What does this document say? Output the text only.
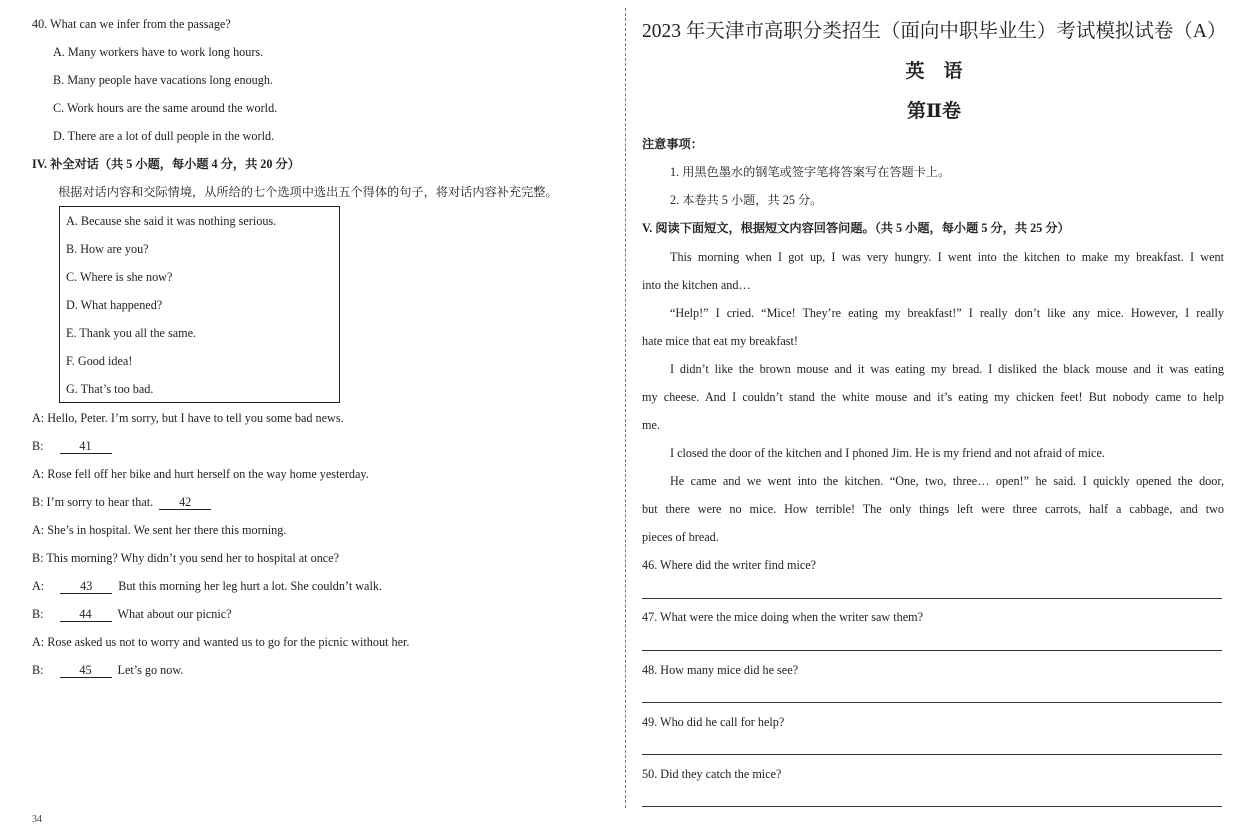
40. What can we infer from the passage?
A. Many workers have to work long hours.
B. Many people have vacations long enough.
C. Work hours are the same around the world.
D. There are a lot of dull people in the world.
IV. 补全对话（共 5 小题，每小题 4 分，共 20 分）
根据对话内容和交际情境，从所给的七个选项中选出五个得体的句子，将对话内容补充完整。
A. Because she said it was nothing serious.
B. How are you?
C. Where is she now?
D. What happened?
E. Thank you all the same.
F. Good idea!
G. That’s too bad.
A: Hello, Peter. I’m sorry, but I have to tell you some bad news.
B:	41
A: Rose fell off her bike and hurt herself on the way home yesterday.
B: I’m sorry to hear that. 42
A: She’s in hospital. We sent her there this morning.
B: This morning? Why didn’t you send her to hospital at once?
A:	43 But this morning her leg hurt a lot. She couldn’t walk.
B:	44 What about our picnic?
A: Rose asked us not to worry and wanted us to go for the picnic without her.
B:	45 Let’s go now.
34
2023 年天津市高职分类招生（面向中职毕业生）考试模拟试卷（A）
英　语
第Ⅱ卷
注意事项：
1. 用黑色墨水的钢笔或签字笔将答案写在答题卡上。
2. 本卷共 5 小题，共 25 分。
V. 阅读下面短文，根据短文内容回答问题。（共 5 小题，每小题 5 分，共 25 分）
This morning when I got up, I was very hungry. I went into the kitchen to make my breakfast. I went
into the kitchen and…
“Help!” I cried. “Mice! They’re eating my breakfast!” I really don’t like any mice. However, I really
hate mice that eat my breakfast!
I didn’t like the brown mouse and it was eating my bread. I disliked the black mouse and it was eating
my cheese. And I couldn’t stand the white mouse and it’s eating my chicken feet! But nobody came to help
me.
I closed the door of the kitchen and I phoned Jim. He is my friend and not afraid of mice.
He came and we went into the kitchen. “One, two, three… open!” he said. I quickly opened the door,
but there were no mice. How terrible! The only things left were three carrots, half a cabbage, and two
pieces of bread.
46. Where did the writer find mice?
47. What were the mice doing when the writer saw them?
48. How many mice did he see?
49. Who did he call for help?
50. Did they catch the mice?
